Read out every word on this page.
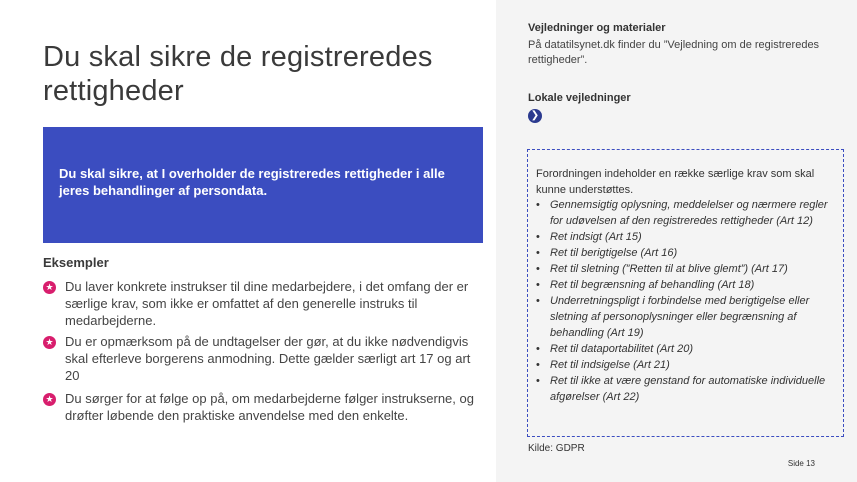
Du skal sikre de registreredes rettigheder
Du skal sikre, at I overholder de registreredes rettigheder i alle jeres behandlinger af persondata.
Eksempler
★ Du laver konkrete instrukser til dine medarbejdere, i det omfang der er særlige krav, som ikke er omfattet af den generelle instruks til medarbejderne.
★ Du er opmærksom på de undtagelser der gør, at du ikke nødvendigvis skal efterleve borgerens anmodning. Dette gælder særligt art 17 og art 20
★ Du sørger for at følge op på, om medarbejderne følger instrukserne, og drøfter løbende den praktiske anvendelse med den enkelte.
Vejledninger og materialer
På datatilsynet.dk finder du ”Vejledning om de registreredes rettigheder”.
Lokale vejledninger
❯
Forordningen indeholder en række særlige krav som skal kunne understøttes.
• Gennemsigtig oplysning, meddelelser og nærmere regler for udøvelsen af den registreredes rettigheder (Art 12)
• Ret indsigt (Art 15)
• Ret til berigtigelse (Art 16)
• Ret til sletning (”Retten til at blive glemt”) (Art 17)
• Ret til begrænsning af behandling (Art 18)
• Underretningspligt i forbindelse med berigtigelse eller sletning af personoplysninger eller begrænsning af behandling (Art 19)
• Ret til dataportabilitet (Art 20)
• Ret til indsigelse (Art 21)
• Ret til ikke at være genstand for automatiske individuelle afgørelser (Art 22)
Kilde: GDPR
Side 13
